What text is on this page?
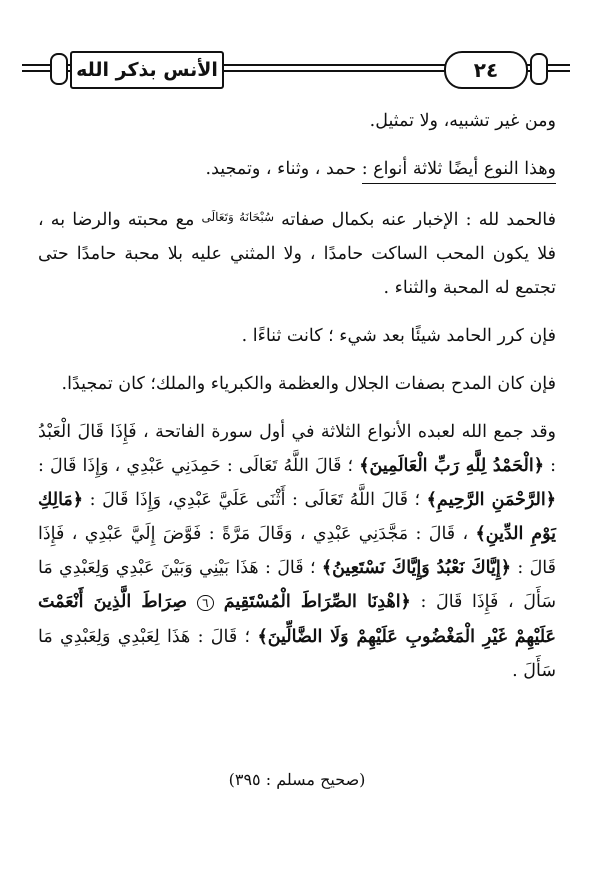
الأنس بذكر الله	٢٤

ومن غير تشبيه، ولا تمثيل.

وهذا النوع أيضًا ثلاثة أنواع : حمد ، وثناء ، وتمجيد.

فالحمد لله : الإخبار عنه بكمال صفاته $^{سُبْحَانَهُ وَتَعَالَى}$ مع محبته والرضا به ، فلا يكون المحب الساكت حامدًا ، ولا المثني عليه بلا محبة حامدًا حتى تجتمع له المحبة والثناء .

فإن كرر الحامد شيئًا بعد شيء ؛ كانت ثناءًا .

فإن كان المدح بصفات الجلال والعظمة والكبرياء والملك؛ كان تمجيدًا.

وقد جمع الله لعبده الأنواع الثلاثة في أول سورة الفاتحة ، فَإِذَا قَالَ الْعَبْدُ : ﴿الْحَمْدُ لِلَّهِ رَبِّ الْعَالَمِينَ﴾ ؛ قَالَ اللَّهُ تَعَالَى : حَمِدَنِي عَبْدِي ، وَإِذَا قَالَ : ﴿الرَّحْمَنِ الرَّحِيمِ﴾ ؛ قَالَ اللَّهُ تَعَالَى : أَثْنَى عَلَيَّ عَبْدِي، وَإِذَا قَالَ : ﴿مَالِكِ يَوْمِ الدِّينِ﴾ ، قَالَ : مَجَّدَنِي عَبْدِي ، وَقَالَ مَرَّةً : فَوَّضَ إِلَيَّ عَبْدِي ، فَإِذَا قَالَ : ﴿إِيَّاكَ نَعْبُدُ وَإِيَّاكَ نَسْتَعِينُ﴾ ؛ قَالَ : هَذَا بَيْنِي وَبَيْنَ عَبْدِي وَلِعَبْدِي مَا سَأَلَ ، فَإِذَا قَالَ : ﴿اهْدِنَا الصِّرَاطَ الْمُسْتَقِيمَ ٦ صِرَاطَ الَّذِينَ أَنْعَمْتَ عَلَيْهِمْ غَيْرِ الْمَغْضُوبِ عَلَيْهِمْ وَلَا الضَّالِّينَ﴾ ؛ قَالَ : هَذَا لِعَبْدِي وَلِعَبْدِي مَا سَأَلَ .

(صحيح مسلم : ٣٩٥)
